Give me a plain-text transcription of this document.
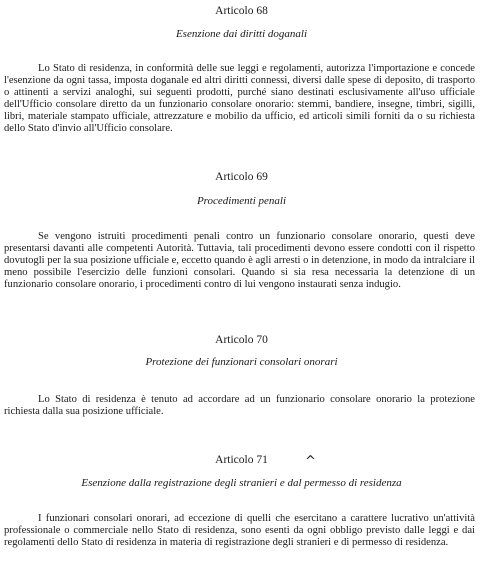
Articolo 68
Esenzione dai diritti doganali

Lo Stato di residenza, in conformità delle sue leggi e regolamenti, autorizza l'importazione e concede l'esenzione da ogni tassa, imposta doganale ed altri diritti connessi, diversi dalle spese di deposito, di trasporto o attinenti a servizi analoghi, sui seguenti prodotti, purché siano destinati esclusivamente all'uso ufficiale dell'Ufficio consolare diretto da un funzionario consolare onorario: stemmi, bandiere, insegne, timbri, sigilli, libri, materiale stampato ufficiale, attrezzature e mobilio da ufficio, ed articoli simili forniti da o su richiesta dello Stato d'invio all'Ufficio consolare.

Articolo 69
Procedimenti penali

Se vengono istruiti procedimenti penali contro un funzionario consolare onorario, questi deve presentarsi davanti alle competenti Autorità. Tuttavia, tali procedimenti devono essere condotti con il rispetto dovutogli per la sua posizione ufficiale e, eccetto quando è agli arresti o in detenzione, in modo da intralciare il meno possibile l'esercizio delle funzioni consolari. Quando si sia resa necessaria la detenzione di un funzionario consolare onorario, i procedimenti contro di lui vengono instaurati senza indugio.

Articolo 70
Protezione dei funzionari consolari onorari

Lo Stato di residenza è tenuto ad accordare ad un funzionario consolare onorario la protezione richiesta dalla sua posizione ufficiale.

Articolo 71	^
Esenzione dalla registrazione degli stranieri e dal permesso di residenza

I funzionari consolari onorari, ad eccezione di quelli che esercitano a carattere lucrativo un'attività professionale o commerciale nello Stato di residenza, sono esenti da ogni obbligo previsto dalle leggi e dai regolamenti dello Stato di residenza in materia di registrazione degli stranieri e di permesso di residenza.
